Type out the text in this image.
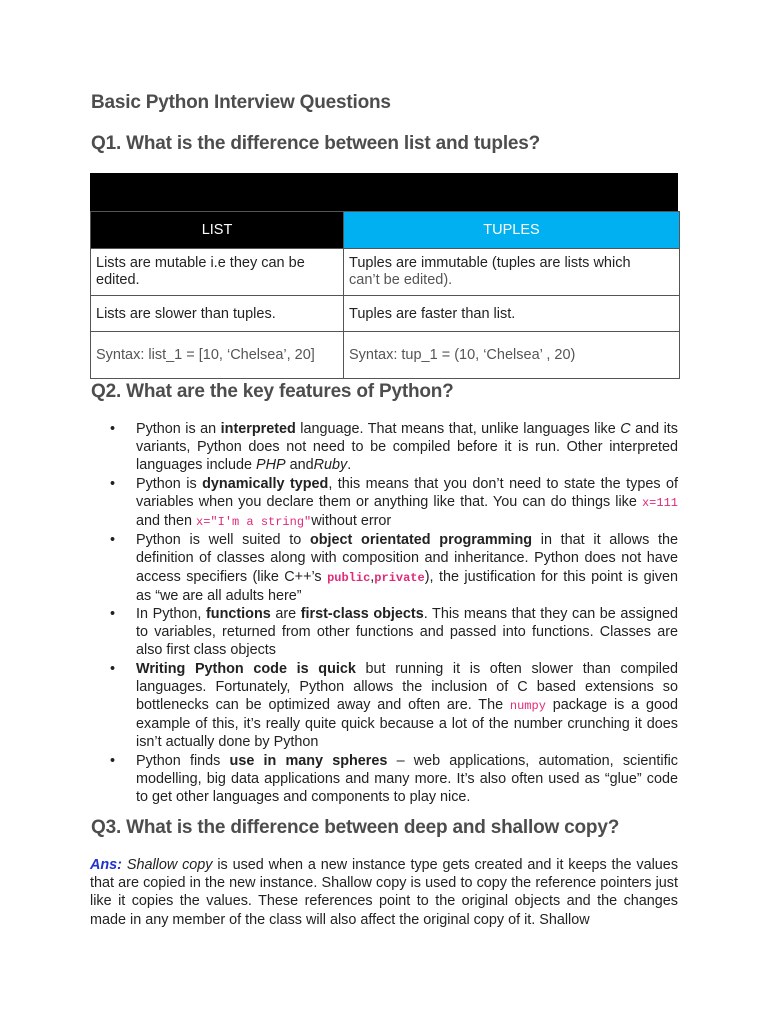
Basic Python Interview Questions
Q1. What is the difference between list and tuples?
LIST	TUPLES
Lists are mutable i.e they can be edited.	Tuples are immutable (tuples are lists which
can’t be edited).
Lists are slower than tuples.	Tuples are faster than list.
Syntax: list_1 = [10, ‘Chelsea’, 20]	Syntax: tup_1 = (10, ‘Chelsea’ , 20)
Q2. What are the key features of Python?
•	Python is an interpreted language. That means that, unlike languages like C and its variants, Python does not need to be compiled before it is run. Other interpreted languages include PHP andRuby.
•	Python is dynamically typed, this means that you don’t need to state the types of variables when you declare them or anything like that. You can do things like x=111 and then x="I'm a string"without error
•	Python is well suited to object orientated programming in that it allows the definition of classes along with composition and inheritance. Python does not have access specifiers (like C++’s public,private), the justification for this point is given as “we are all adults here”
•	In Python, functions are first-class objects. This means that they can be assigned to variables, returned from other functions and passed into functions. Classes are also first class objects
•	Writing Python code is quick but running it is often slower than compiled languages. Fortunately, Python allows the inclusion of C based extensions so bottlenecks can be optimized away and often are. The numpy package is a good example of this, it’s really quite quick because a lot of the number crunching it does isn’t actually done by Python
•	Python finds use in many spheres – web applications, automation, scientific modelling, big data applications and many more. It’s also often used as “glue” code to get other languages and components to play nice.
Q3. What is the difference between deep and shallow copy?

Ans: Shallow copy is used when a new instance type gets created and it keeps the values that are copied in the new instance. Shallow copy is used to copy the reference pointers just like it copies the values. These references point to the original objects and the changes made in any member of the class will also affect the original copy of it. Shallow
